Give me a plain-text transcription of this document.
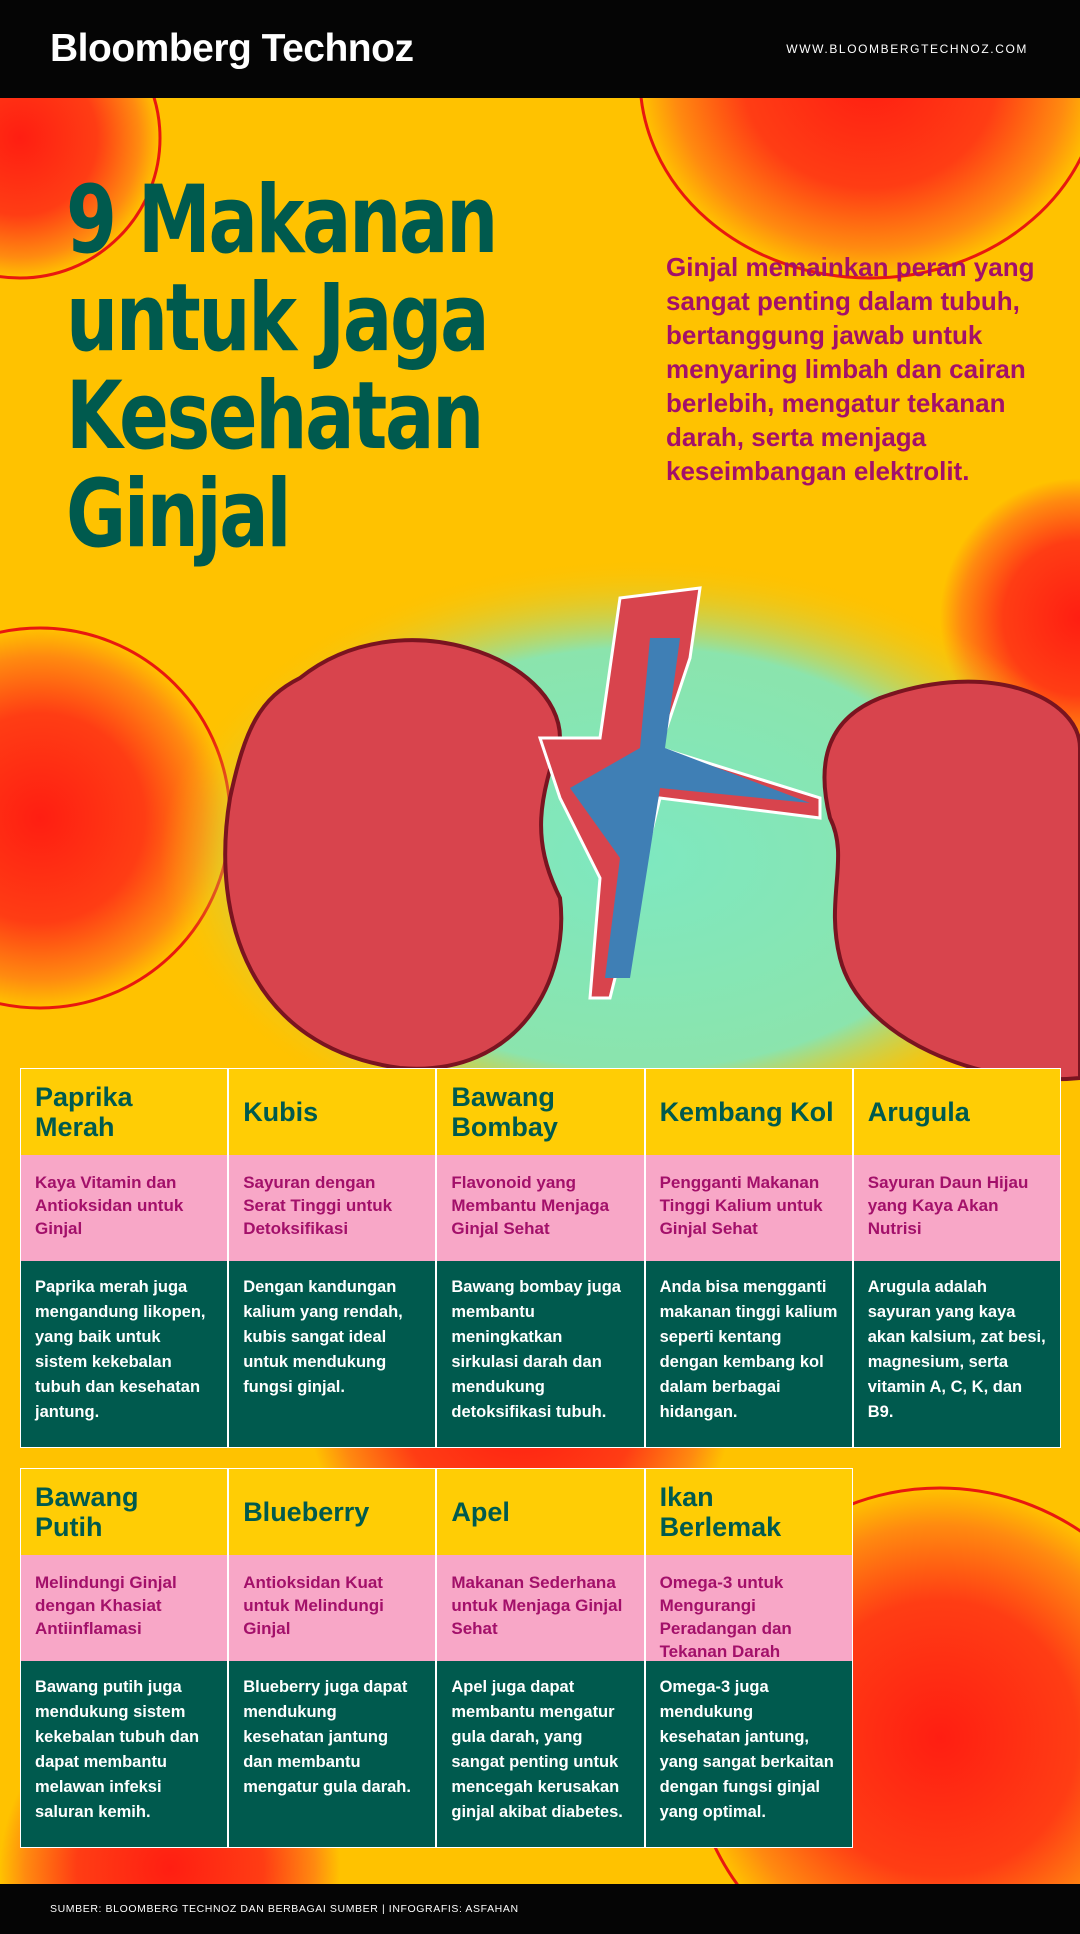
Bloomberg Technoz	WWW.BLOOMBERGTECHNOZ.COM
9 Makanan
untuk Jaga
Kesehatan
Ginjal
Ginjal memainkan peran yang sangat penting dalam tubuh, bertanggung jawab untuk menyaring limbah dan cairan berlebih, mengatur tekanan darah, serta menjaga keseimbangan elektrolit.
Paprika Merah
Kaya Vitamin dan Antioksidan untuk Ginjal
Paprika merah juga mengandung likopen, yang baik untuk sistem kekebalan tubuh dan kesehatan jantung.
Kubis
Sayuran dengan Serat Tinggi untuk Detoksifikasi
Dengan kandungan kalium yang rendah, kubis sangat ideal untuk mendukung fungsi ginjal.
Bawang Bombay
Flavonoid yang Membantu Menjaga Ginjal Sehat
Bawang bombay juga membantu meningkatkan sirkulasi darah dan mendukung detoksifikasi tubuh.
Kembang Kol
Pengganti Makanan Tinggi Kalium untuk Ginjal Sehat
Anda bisa mengganti makanan tinggi kalium seperti kentang dengan kembang kol dalam berbagai hidangan.
Arugula
Sayuran Daun Hijau yang Kaya Akan Nutrisi
Arugula adalah sayuran yang kaya akan kalsium, zat besi, magnesium, serta vitamin A, C, K, dan B9.
Bawang Putih
Melindungi Ginjal dengan Khasiat Antiinflamasi
Bawang putih juga mendukung sistem kekebalan tubuh dan dapat membantu melawan infeksi saluran kemih.
Blueberry
Antioksidan Kuat untuk Melindungi Ginjal
Blueberry juga dapat mendukung kesehatan jantung dan membantu mengatur gula darah.
Apel
Makanan Sederhana untuk Menjaga Ginjal Sehat
Apel juga dapat membantu mengatur gula darah, yang sangat penting untuk mencegah kerusakan ginjal akibat diabetes.
Ikan Berlemak
Omega-3 untuk Mengurangi Peradangan dan Tekanan Darah
Omega-3 juga mendukung kesehatan jantung, yang sangat berkaitan dengan fungsi ginjal yang optimal.
SUMBER: BLOOMBERG TECHNOZ DAN BERBAGAI SUMBER | INFOGRAFIS: ASFAHAN
